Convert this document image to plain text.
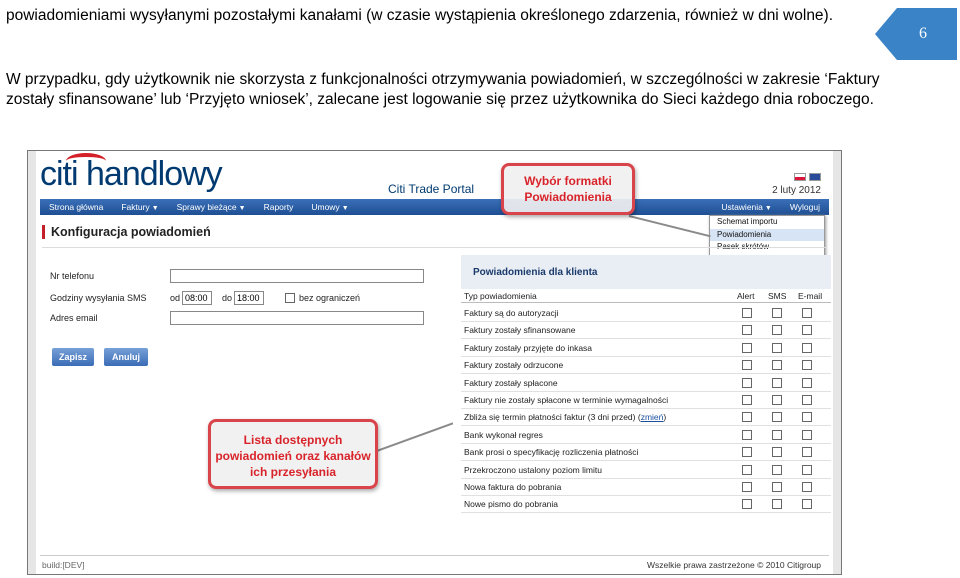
powiadomieniami wysyłanymi pozostałymi kanałami (w czasie wystąpienia określonego zdarzenia, również w dni wolne).

W przypadku, gdy użytkownik nie skorzysta z funkcjonalności otrzymywania powiadomień, w szczególności w zakresie ‘Faktury zostały sfinansowane’ lub ‘Przyjęto wniosek’, zalecane jest logowanie się przez użytkownika do Sieci każdego dnia roboczego.

6
citi handlowy	Citi Trade Portal	2 luty 2012
Strona główna	Faktury ▼	Sprawy bieżące ▼	Raporty	Umowy ▼	Ustawienia ▼	Wyloguj
Schemat importu
Powiadomienia
Konfiguracja powiadomień
Nr telefonu
Godziny wysyłania SMS	od
08:00	do
18:00	bez ograniczeń
Adres email
Zapisz	Anuluj
Powiadomienia dla klienta
Typ powiadomienia	Alert SMS E-mail
Faktury są do autoryzacji
Faktury zostały sfinansowane
Faktury zostały przyjęte do inkasa
Faktury zostały odrzucone
Faktury zostały spłacone
Faktury nie zostały spłacone w terminie wymagalności
Zbliża się termin płatności faktur (3 dni przed) (zmień)
Bank wykonał regres
Bank prosi o specyfikację rozliczenia płatności
Przekroczono ustalony poziom limitu
Nowa faktura do pobrania
Nowe pismo do pobrania
build:[DEV]	Wszelkie prawa zastrzeżone © 2010 Citigroup
Wybór formatki Powiadomienia
Lista dostępnych powiadomień oraz kanałów ich przesyłania
